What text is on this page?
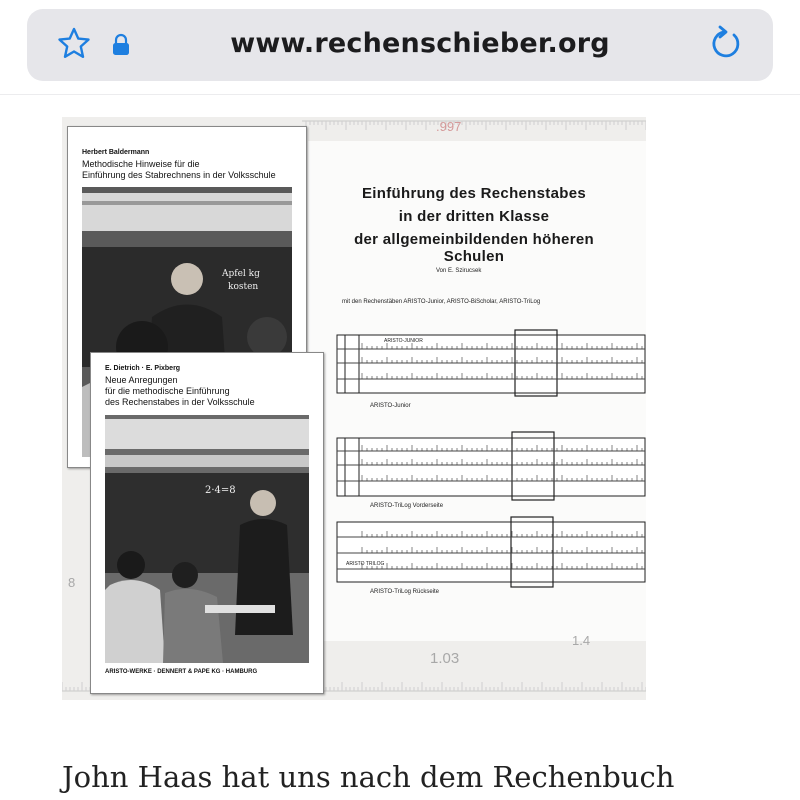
www.rechenschieber.org
.997
1.03
1.4
8
Einführung des Rechenstabes
in der dritten Klasse
der allgemeinbildenden höheren Schulen
Von E. Szirucsek
mit den Rechenstäben ARISTO-Junior, ARISTO-BiScholar, ARISTO-TriLog
ARISTO-JUNIOR
ARISTO-Junior
ARISTO-TriLog Vorderseite
ARISTO TRILOG
ARISTO-TriLog Rückseite
Herbert Baldermann
Methodische Hinweise für die
Einführung des Stabrechnens in der Volksschule
Apfel kg
kosten
E. Dietrich · E. Pixberg
Neue Anregungen
für die methodische Einführung
des Rechenstabes in der Volksschule
2·4=8
ARISTO-WERKE · DENNERT & PAPE KG · HAMBURG
John Haas hat uns nach dem Rechenbuch
